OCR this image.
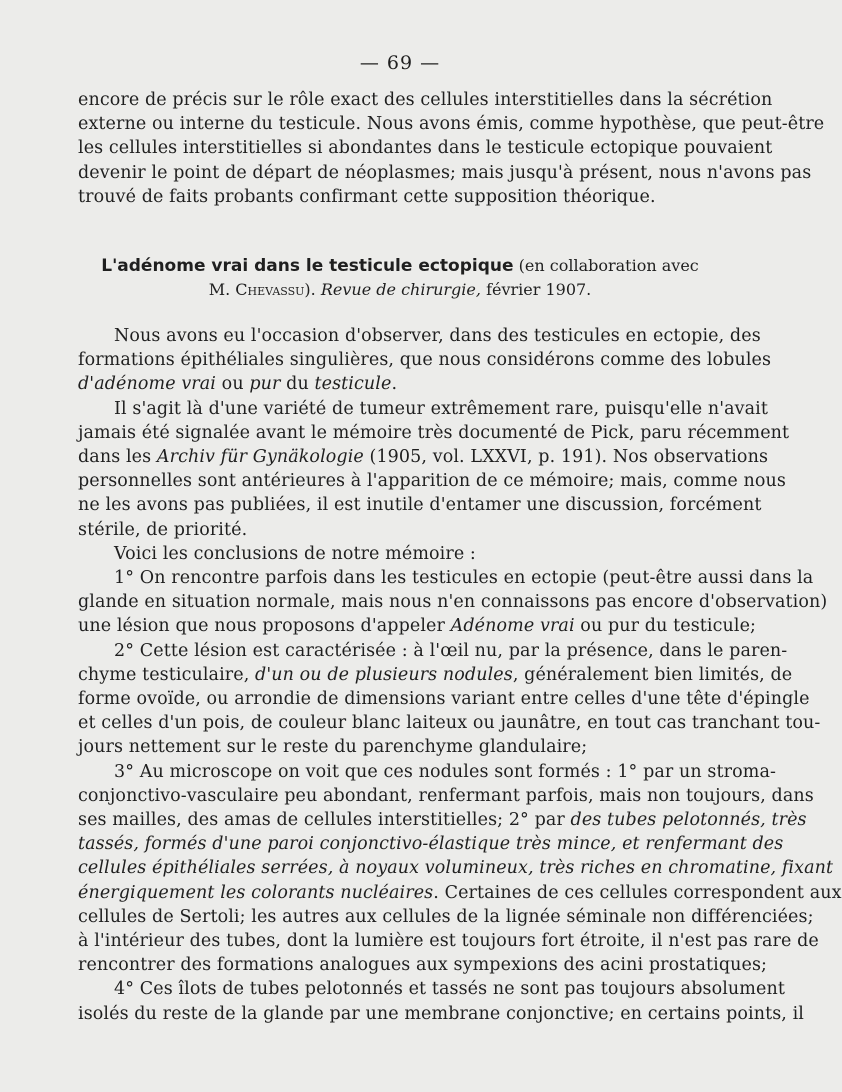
— 69 —
encore de précis sur le rôle exact des cellules interstitielles dans la sécrétion
externe ou interne du testicule. Nous avons émis, comme hypothèse, que peut-être
les cellules interstitielles si abondantes dans le testicule ectopique pouvaient
devenir le point de départ de néoplasmes; mais jusqu'à présent, nous n'avons pas
trouvé de faits probants confirmant cette supposition théorique.
L'adénome vrai dans le testicule ectopique (en collaboration avec
M. Chevassu). Revue de chirurgie, février 1907.
Nous avons eu l'occasion d'observer, dans des testicules en ectopie, des
formations épithéliales singulières, que nous considérons comme des lobules
d'adénome vrai ou pur du testicule.
Il s'agit là d'une variété de tumeur extrêmement rare, puisqu'elle n'avait
jamais été signalée avant le mémoire très documenté de Pick, paru récemment
dans les Archiv für Gynäkologie (1905, vol. LXXVI, p. 191). Nos observations
personnelles sont antérieures à l'apparition de ce mémoire; mais, comme nous
ne les avons pas publiées, il est inutile d'entamer une discussion, forcément
stérile, de priorité.
Voici les conclusions de notre mémoire :
1° On rencontre parfois dans les testicules en ectopie (peut-être aussi dans la
glande en situation normale, mais nous n'en connaissons pas encore d'observation)
une lésion que nous proposons d'appeler Adénome vrai ou pur du testicule;
2° Cette lésion est caractérisée : à l'œil nu, par la présence, dans le paren-
chyme testiculaire, d'un ou de plusieurs nodules, généralement bien limités, de
forme ovoïde, ou arrondie de dimensions variant entre celles d'une tête d'épingle
et celles d'un pois, de couleur blanc laiteux ou jaunâtre, en tout cas tranchant tou-
jours nettement sur le reste du parenchyme glandulaire;
3° Au microscope on voit que ces nodules sont formés : 1° par un stroma-
conjonctivo-vasculaire peu abondant, renfermant parfois, mais non toujours, dans
ses mailles, des amas de cellules interstitielles; 2° par des tubes pelotonnés, très
tassés, formés d'une paroi conjonctivo-élastique très mince, et renfermant des
cellules épithéliales serrées, à noyaux volumineux, très riches en chromatine, fixant
énergiquement les colorants nucléaires. Certaines de ces cellules correspondent aux
cellules de Sertoli; les autres aux cellules de la lignée séminale non différenciées;
à l'intérieur des tubes, dont la lumière est toujours fort étroite, il n'est pas rare de
rencontrer des formations analogues aux sympexions des acini prostatiques;
4° Ces îlots de tubes pelotonnés et tassés ne sont pas toujours absolument
isolés du reste de la glande par une membrane conjonctive; en certains points, il
